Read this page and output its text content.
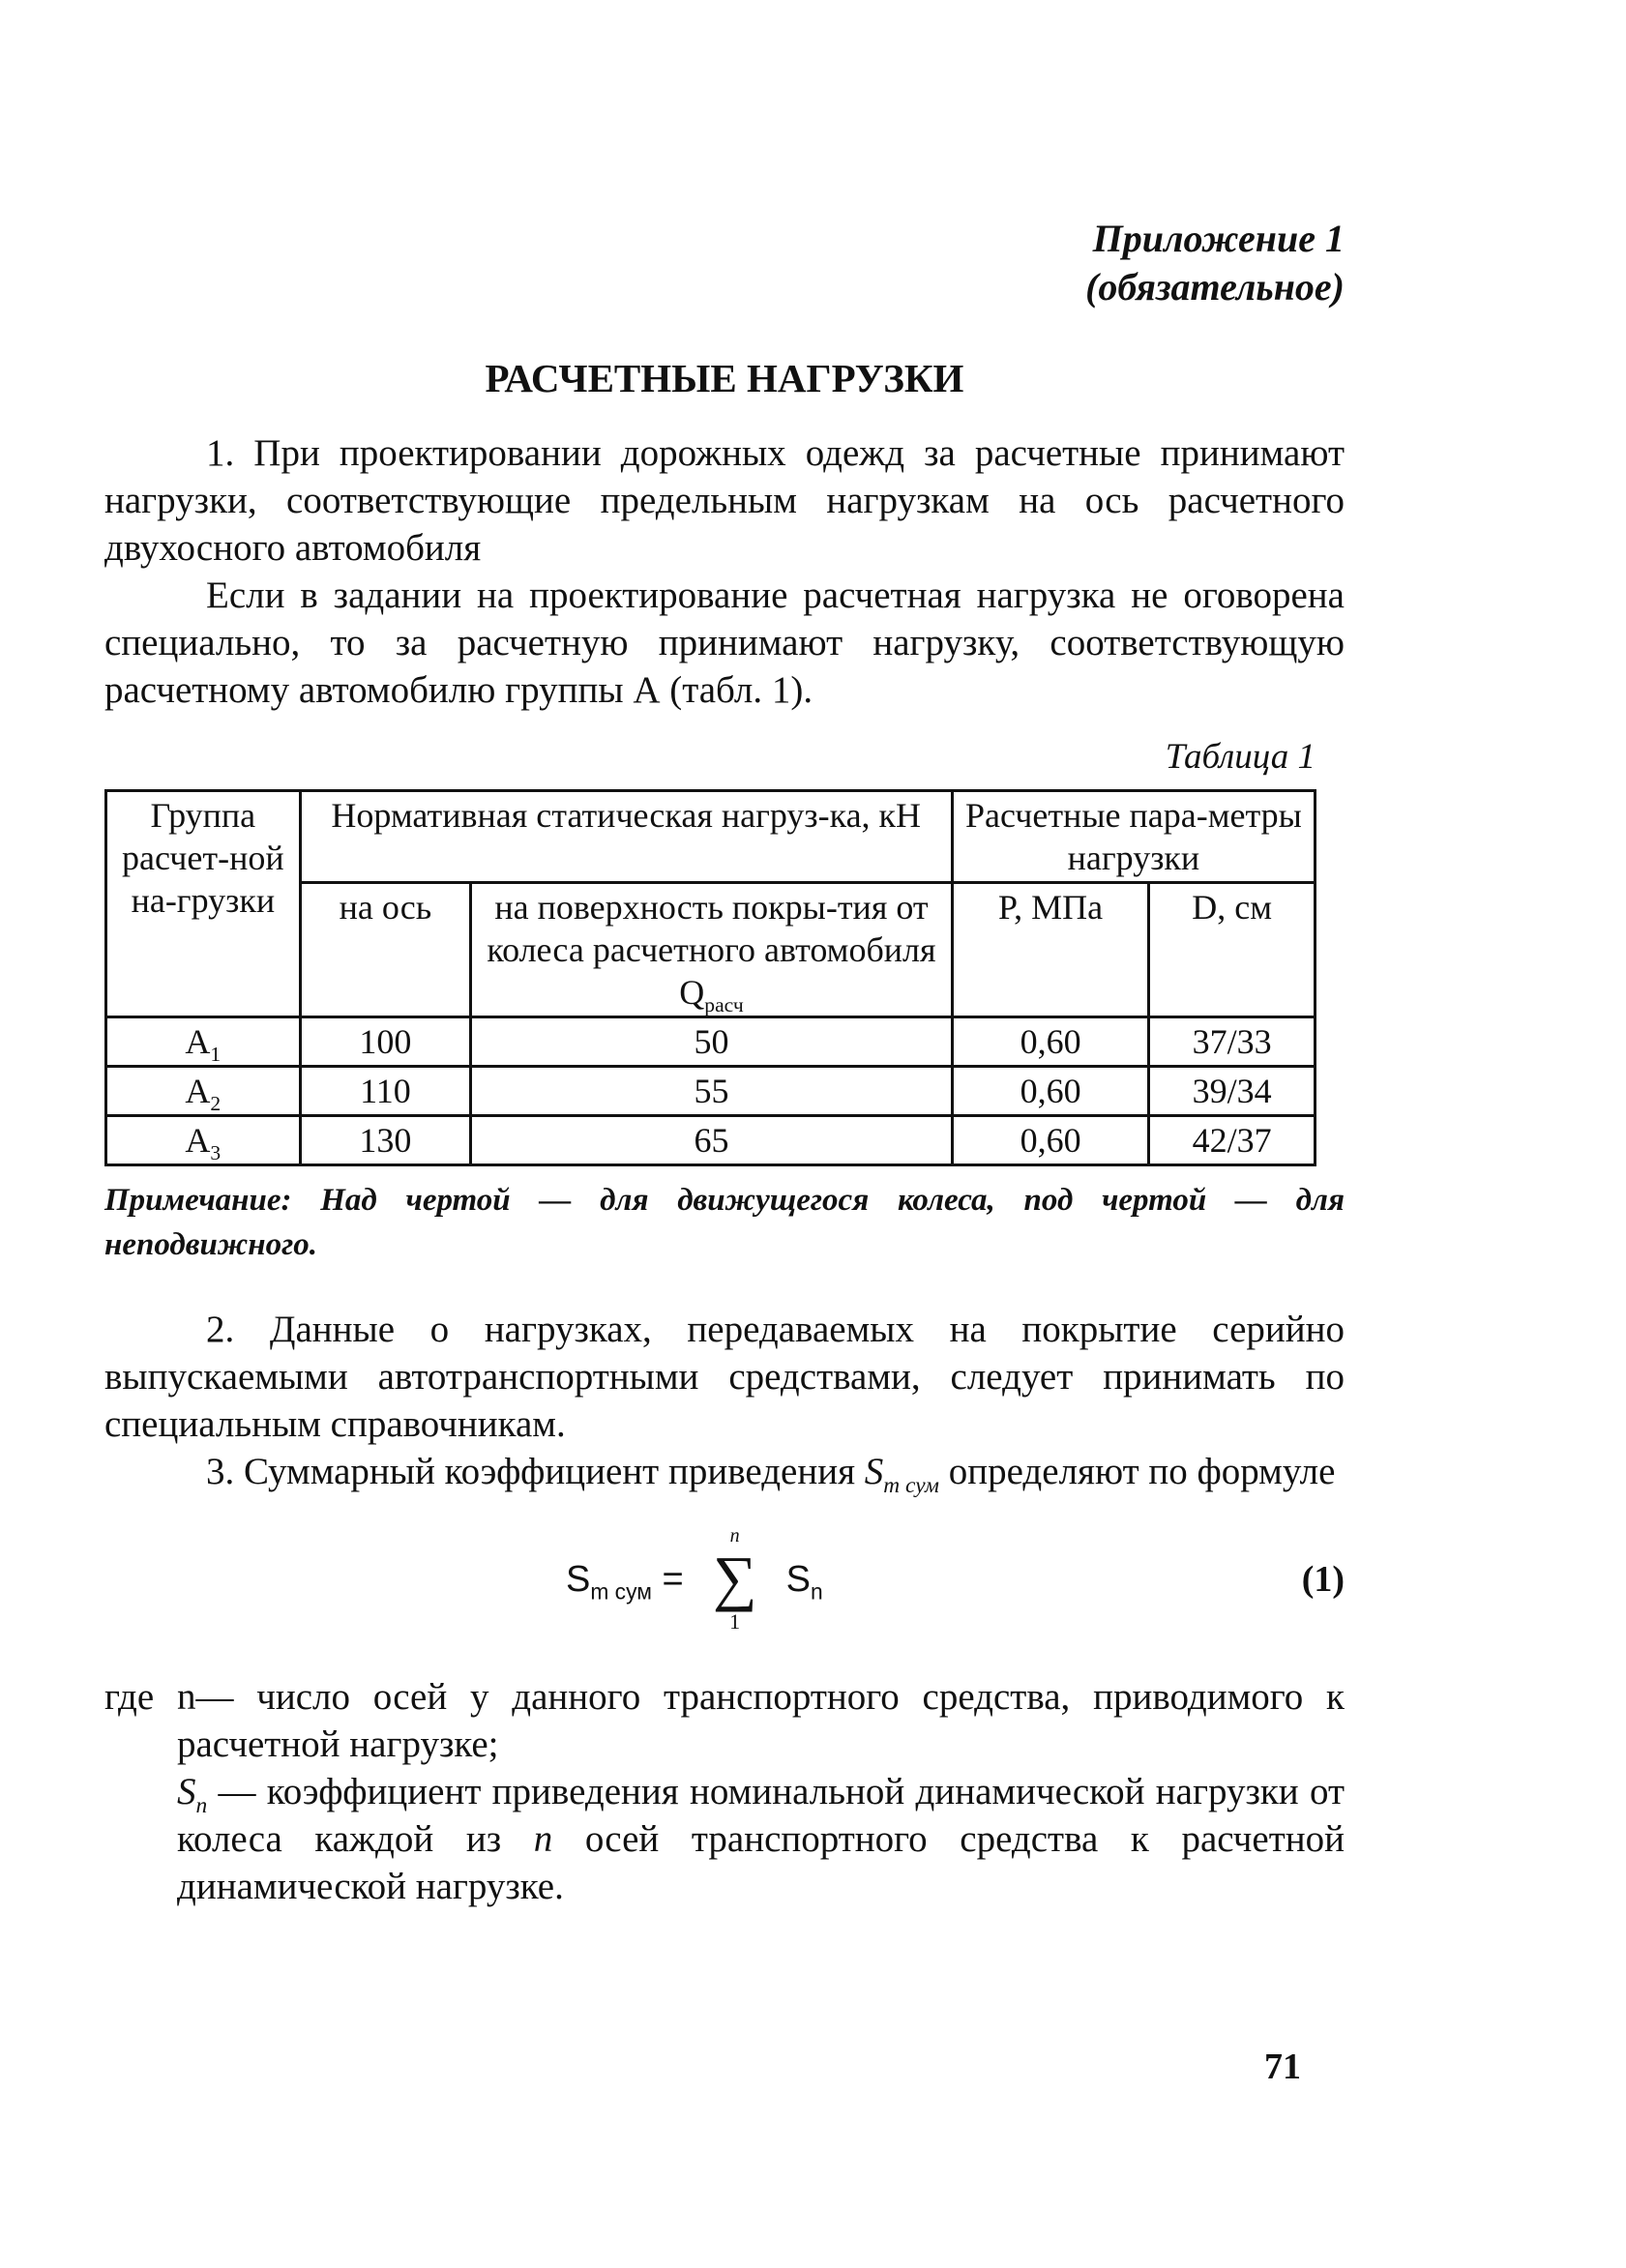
Приложение 1
(обязательное)
РАСЧЕТНЫЕ НАГРУЗКИ

1. При проектировании дорожных одежд за расчетные принимают нагрузки, соответствующие предельным нагрузкам на ось расчетного двухосного автомобиля

Если в задании на проектирование расчетная нагрузка не оговорена специально, то за расчетную принимают нагрузку, соответствующую расчетному автомобилю группы А (табл. 1).

Таблица 1
Группа расчет-ной на-грузки	Нормативная статическая нагруз-ка, кН		Расчетные пара-метры нагрузки	
	на ось	на поверхность покры-тия от колеса расчетного автомобиля $Q_{расч}$	P, МПа	D, см
$A_1$	100	50	0,60	37/33
$A_2$	110	55	0,60	39/34
$A_3$	130	65	0,60	42/37
Примечание: Над чертой — для движущегося колеса, под чертой — для неподвижного.

2. Данные о нагрузках, передаваемых на покрытие серийно выпускаемыми автотранспортными средствами, следует принимать по специальным справочникам.

3. Суммарный коэффициент приведения $S_{m сум}$ определяют по формуле

$S_{m сум}$ =
n
∑
1
$S_n$	(1)

где n— число осей у данного транспортного средства, приводимого к расчетной нагрузке;

$S_n$ — коэффициент приведения номинальной динамической нагрузки от колеса каждой из n осей транспортного средства к расчетной динамической нагрузке.

71
